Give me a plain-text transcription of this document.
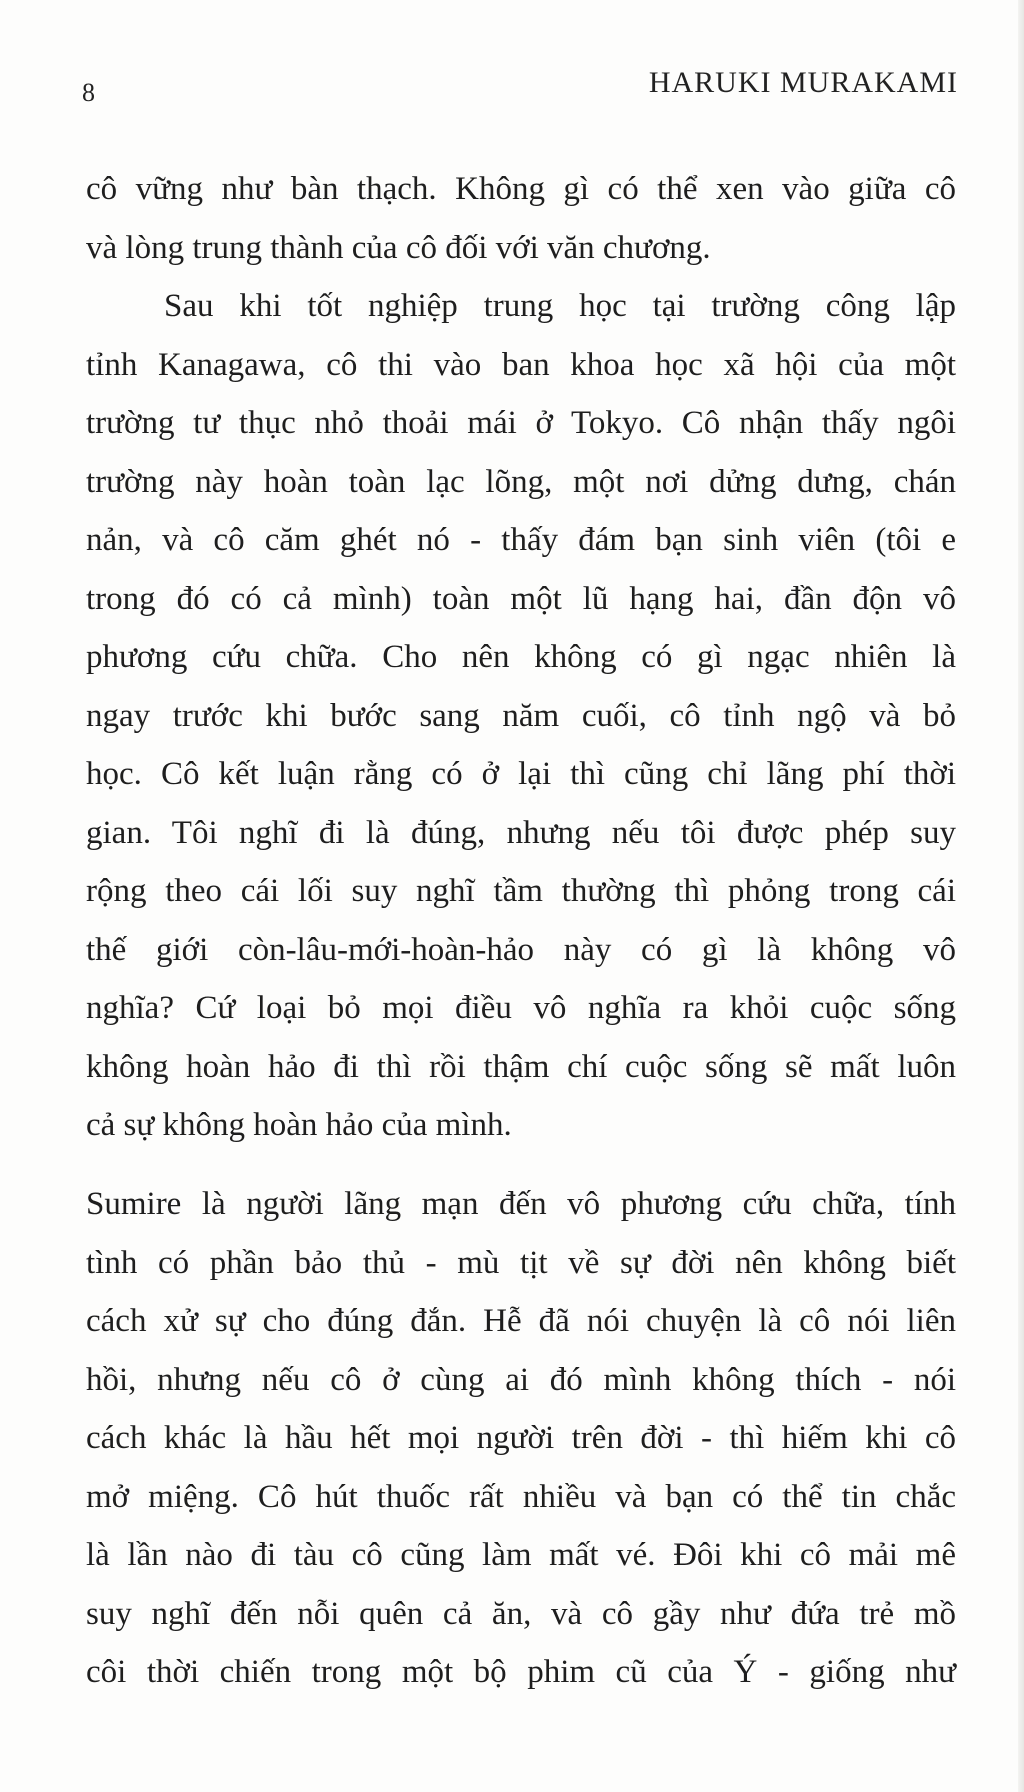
8	HARUKI MURAKAMI
cô vững như bàn thạch. Không gì có thể xen vào giữa cô
và lòng trung thành của cô đối với văn chương.
Sau khi tốt nghiệp trung học tại trường công lập
tỉnh Kanagawa, cô thi vào ban khoa học xã hội của một
trường tư thục nhỏ thoải mái ở Tokyo. Cô nhận thấy ngôi
trường này hoàn toàn lạc lõng, một nơi dửng dưng, chán
nản, và cô căm ghét nó - thấy đám bạn sinh viên (tôi e
trong đó có cả mình) toàn một lũ hạng hai, đần độn vô
phương cứu chữa. Cho nên không có gì ngạc nhiên là
ngay trước khi bước sang năm cuối, cô tỉnh ngộ và bỏ
học. Cô kết luận rằng có ở lại thì cũng chỉ lãng phí thời
gian. Tôi nghĩ đi là đúng, nhưng nếu tôi được phép suy
rộng theo cái lối suy nghĩ tầm thường thì phỏng trong cái
thế giới còn-lâu-mới-hoàn-hảo này có gì là không vô
nghĩa? Cứ loại bỏ mọi điều vô nghĩa ra khỏi cuộc sống
không hoàn hảo đi thì rồi thậm chí cuộc sống sẽ mất luôn
cả sự không hoàn hảo của mình.
Sumire là người lãng mạn đến vô phương cứu chữa, tính
tình có phần bảo thủ - mù tịt về sự đời nên không biết
cách xử sự cho đúng đắn. Hễ đã nói chuyện là cô nói liên
hồi, nhưng nếu cô ở cùng ai đó mình không thích - nói
cách khác là hầu hết mọi người trên đời - thì hiếm khi cô
mở miệng. Cô hút thuốc rất nhiều và bạn có thể tin chắc
là lần nào đi tàu cô cũng làm mất vé. Đôi khi cô mải mê
suy nghĩ đến nỗi quên cả ăn, và cô gầy như đứa trẻ mồ
côi thời chiến trong một bộ phim cũ của Ý - giống như
